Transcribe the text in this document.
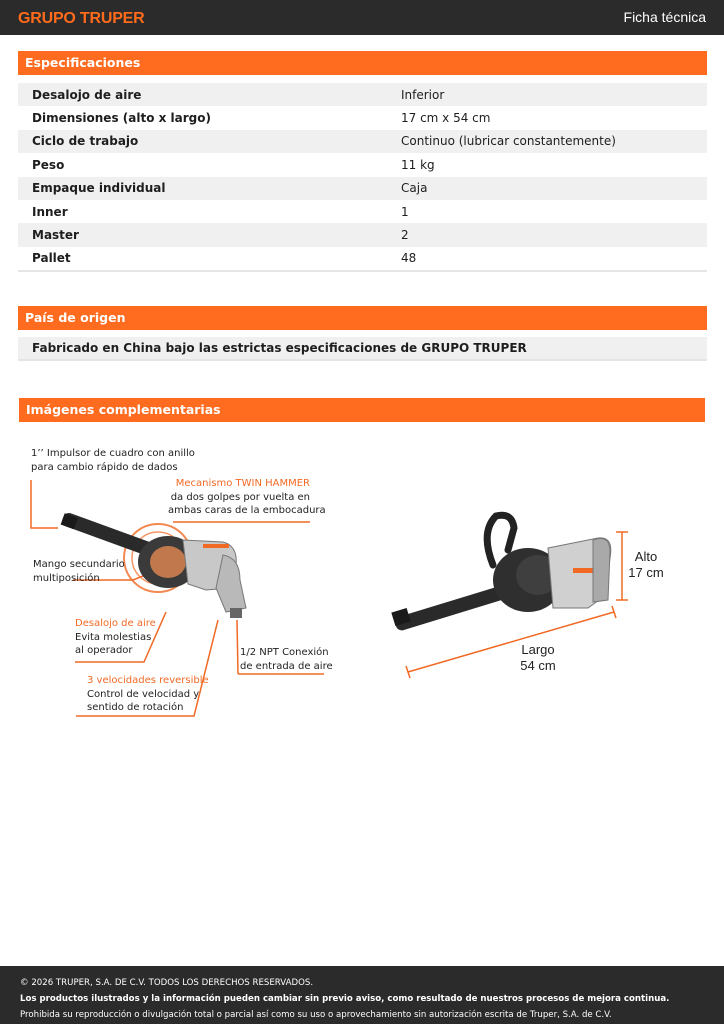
GRUPO TRUPER	Ficha técnica
Especificaciones
Desalojo de aire	Inferior
Dimensiones (alto x largo)	17 cm x 54 cm
Ciclo de trabajo	Continuo (lubricar constantemente)
Peso	11 kg
Empaque individual	Caja
Inner	1
Master	2
Pallet	48
País de origen
Fabricado en China bajo las estrictas especificaciones de GRUPO TRUPER
Imágenes complementarias
1’’ Impulsor de cuadro con anillo
para cambio rápido de dados
Mecanismo TWIN HAMMER
da dos golpes por vuelta en
ambas caras de la embocadura
Mango secundario
multiposición
Desalojo de aire
Evita molestias
al operador	1/2 NPT Conexión
de entrada de aire
3 velocidades reversible
Control de velocidad y
sentido de rotación
Alto
17 cm
Largo
54 cm
© 2026 TRUPER, S.A. DE C.V. TODOS LOS DERECHOS RESERVADOS.
Los productos ilustrados y la información pueden cambiar sin previo aviso, como resultado de nuestros procesos de mejora continua.
Prohibida su reproducción o divulgación total o parcial así como su uso o aprovechamiento sin autorización escrita de Truper, S.A. de C.V.
